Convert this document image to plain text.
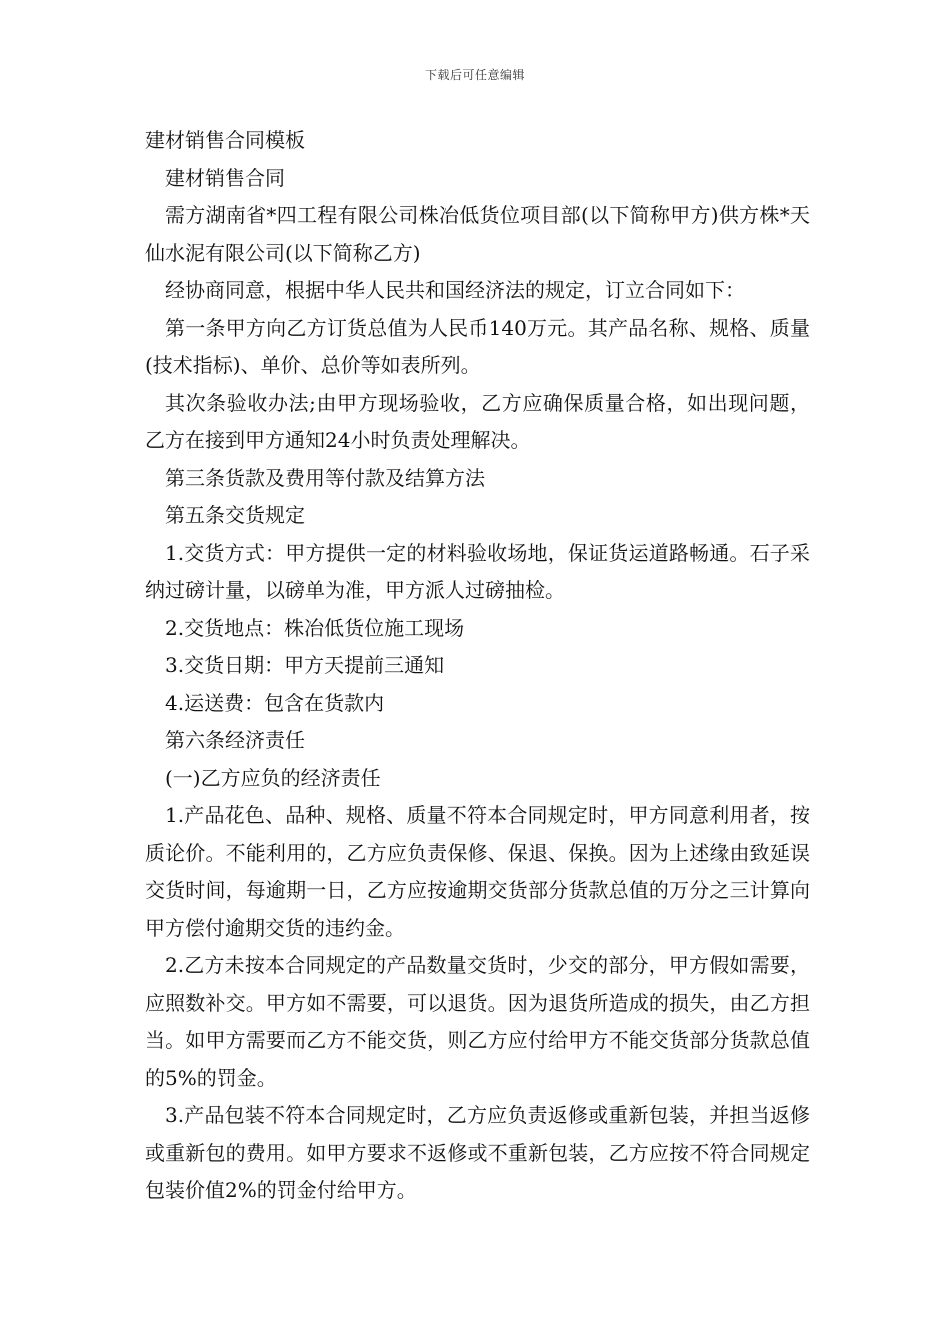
下载后可任意编辑

建材销售合同模板

建材销售合同

需方湖南省*四工程有限公司株冶低货位项目部(以下简称甲方)供方株*天仙水泥有限公司(以下简称乙方)

经协商同意，根据中华人民共和国经济法的规定，订立合同如下：

第一条甲方向乙方订货总值为人民币140万元。其产品名称、规格、质量(技术指标)、单价、总价等如表所列。

其次条验收办法;由甲方现场验收，乙方应确保质量合格，如出现问题，乙方在接到甲方通知24小时负责处理解决。

第三条货款及费用等付款及结算方法

第五条交货规定

1.交货方式：甲方提供一定的材料验收场地，保证货运道路畅通。石子采纳过磅计量，以磅单为准，甲方派人过磅抽检。

2.交货地点：株冶低货位施工现场

3.交货日期：甲方天提前三通知

4.运送费：包含在货款内

第六条经济责任

(一)乙方应负的经济责任

1.产品花色、品种、规格、质量不符本合同规定时，甲方同意利用者，按质论价。不能利用的，乙方应负责保修、保退、保换。因为上述缘由致延误交货时间，每逾期一日，乙方应按逾期交货部分货款总值的万分之三计算向甲方偿付逾期交货的违约金。

2.乙方未按本合同规定的产品数量交货时，少交的部分，甲方假如需要，应照数补交。甲方如不需要，可以退货。因为退货所造成的损失，由乙方担当。如甲方需要而乙方不能交货，则乙方应付给甲方不能交货部分货款总值的5%的罚金。

3.产品包装不符本合同规定时，乙方应负责返修或重新包装，并担当返修或重新包的费用。如甲方要求不返修或不重新包装，乙方应按不符合同规定包装价值2%的罚金付给甲方。
